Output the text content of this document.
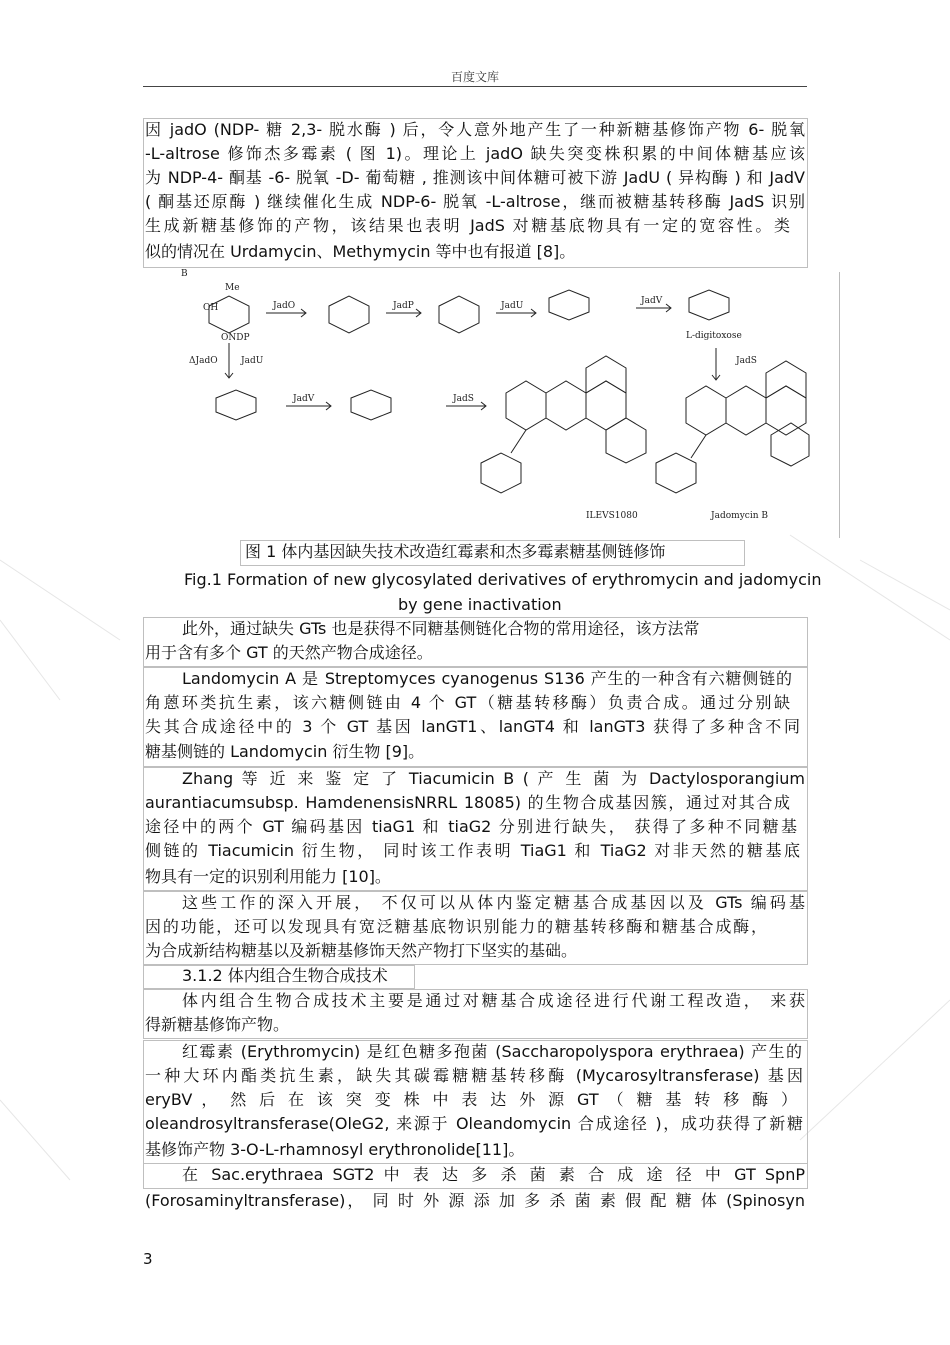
百度文库
因 jadO (NDP- 糖 2,3- 脱水酶 ) 后，令人意外地产生了一种新糖基修饰产物 6- 脱氧
-L-altrose 修饰杰多霉素 ( 图 1)。理论上 jadO 缺失突变株积累的中间体糖基应该
为 NDP-4- 酮基 -6- 脱氧 -D- 葡萄糖 , 推测该中间体糖可被下游 JadU ( 异构酶 ) 和 JadV
( 酮基还原酶 ) 继续催化生成 NDP-6- 脱氧 -L-altrose，继而被糖基转移酶 JadS 识别
生成新糖基修饰的产物，该结果也表明 JadS 对糖基底物具有一定的宽容性。类
似的情况在 Urdamycin、Methymycin 等中也有报道 [8]。
B
Me
OH
ONDP
JadO	JadP	JadU	JadV
L-digitoxose
JadS
ΔJadO	JadU
JadV	JadS
ILEVS1080	Jadomycin B
图 1 体内基因缺失技术改造红霉素和杰多霉素糖基侧链修饰
Fig.1 Formation of new glycosylated derivatives of erythromycin and jadomycin
by gene inactivation
此外，通过缺失 GTs 也是获得不同糖基侧链化合物的常用途径，该方法常
用于含有多个 GT 的天然产物合成途径。
Landomycin A 是 Streptomyces cyanogenus S136 产生的一种含有六糖侧链的
角蒽环类抗生素，该六糖侧链由 4 个 GT（糖基转移酶）负责合成。通过分别缺
失其合成途径中的 3 个 GT 基因 lanGT1、lanGT4 和 lanGT3 获得了多种含不同
糖基侧链的 Landomycin 衍生物 [9]。
Zhang 等 近 来 鉴 定 了 Tiacumicin B ( 产 生 菌 为 Dactylosporangium
aurantiacumsubsp. HamdenensisNRRL 18085) 的生物合成基因簇，通过对其合成
途径中的两个 GT 编码基因 tiaG1 和 tiaG2 分别进行缺失， 获得了多种不同糖基
侧链的 Tiacumicin 衍生物， 同时该工作表明 TiaG1 和 TiaG2 对非天然的糖基底
物具有一定的识别利用能力 [10]。
这些工作的深入开展， 不仅可以从体内鉴定糖基合成基因以及 GTs 编码基
因的功能，还可以发现具有宽泛糖基底物识别能力的糖基转移酶和糖基合成酶，
为合成新结构糖基以及新糖基修饰天然产物打下坚实的基础。
3.1.2 体内组合生物合成技术
体内组合生物合成技术主要是通过对糖基合成途径进行代谢工程改造， 来获
得新糖基修饰产物。
红霉素 (Erythromycin) 是红色糖多孢菌 (Saccharopolyspora erythraea) 产生的
一种大环内酯类抗生素，缺失其碳霉糖糖基转移酶 (Mycarosyltransferase) 基因
eryBV ， 然 后 在 该 突 变 株 中 表 达 外 源 GT （ 糖 基 转 移 酶 ）
oleandrosyltransferase(OleG2, 来源于 Oleandomycin 合成途径 )，成功获得了新糖
基修饰产物 3-O-L-rhamnosyl erythronolide[11]。
在 Sac.erythraea SGT2 中 表 达 多 杀 菌 素 合 成 途 径 中 GT SpnP
(Forosaminyltransferase)， 同 时 外 源 添 加 多 杀 菌 素 假 配 糖 体 (Spinosyn
3
